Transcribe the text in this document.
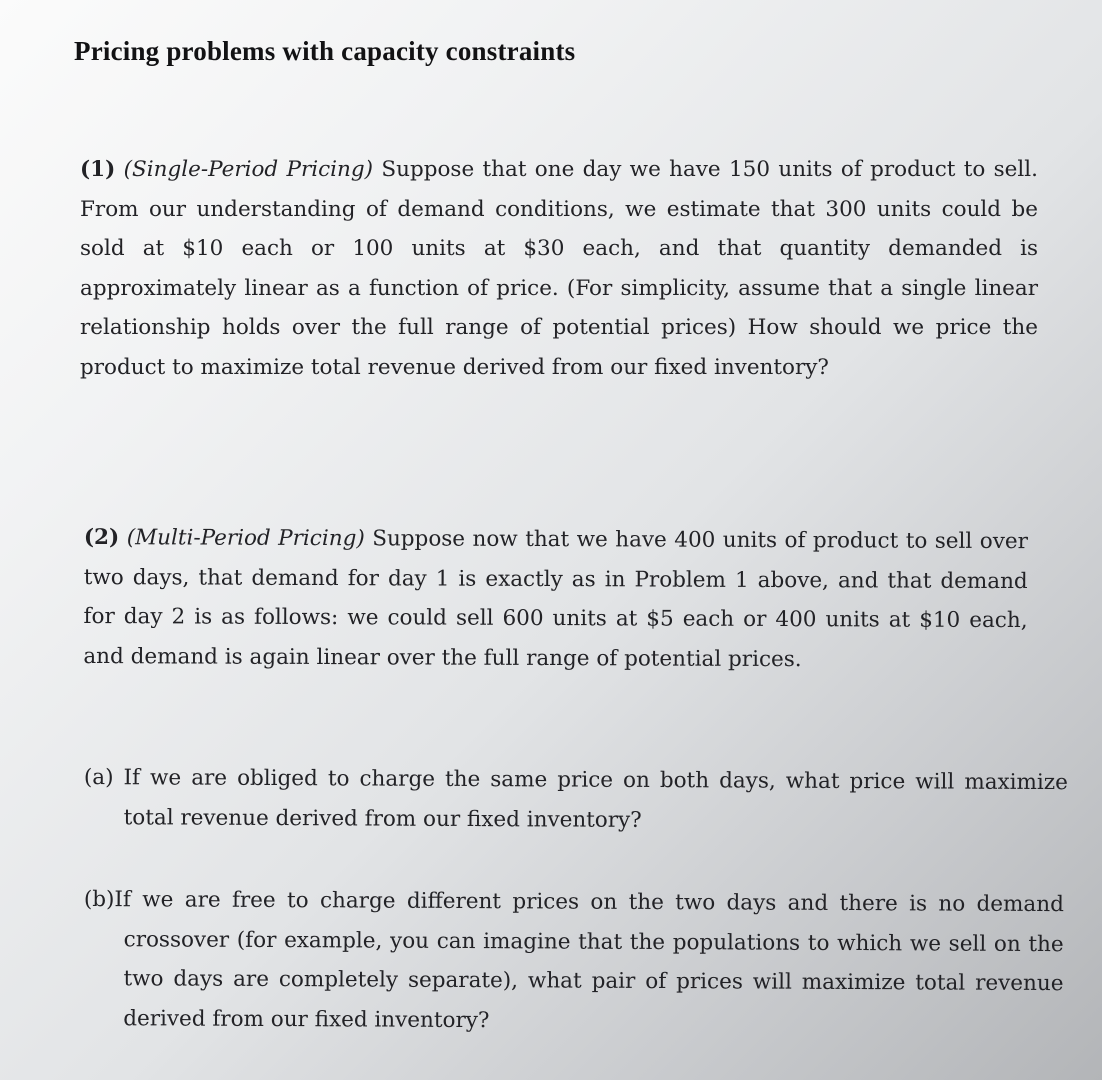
Pricing problems with capacity constraints

(1) (Single-Period Pricing) Suppose that one day we have 150 units of product to sell. From our understanding of demand conditions, we estimate that 300 units could be sold at $10 each or 100 units at $30 each, and that quantity demanded is approximately linear as a function of price. (For simplicity, assume that a single linear relationship holds over the full range of potential prices) How should we price the product to maximize total revenue derived from our fixed inventory?

(2) (Multi-Period Pricing) Suppose now that we have 400 units of product to sell over two days, that demand for day 1 is exactly as in Problem 1 above, and that demand for day 2 is as follows: we could sell 600 units at $5 each or 400 units at $10 each, and demand is again linear over the full range of potential prices.

(a) If we are obliged to charge the same price on both days, what price will maximize total revenue derived from our fixed inventory?

(b)If we are free to charge different prices on the two days and there is no demand crossover (for example, you can imagine that the populations to which we sell on the two days are completely separate), what pair of prices will maximize total revenue derived from our fixed inventory?
